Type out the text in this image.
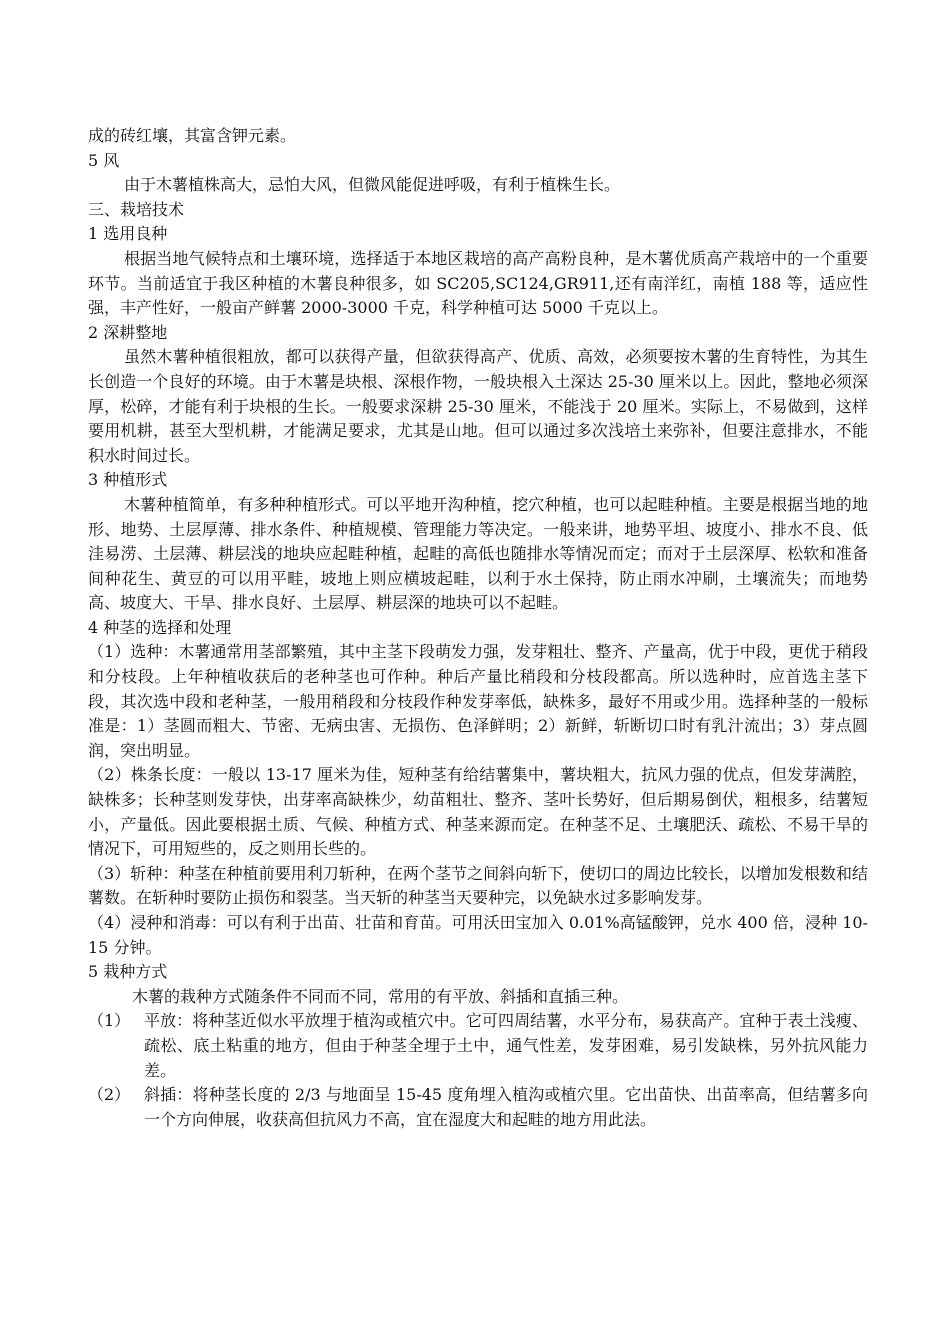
成的砖红壤，其富含钾元素。

5 风

由于木薯植株高大，忌怕大风，但微风能促进呼吸，有利于植株生长。

三、栽培技术

1 选用良种

根据当地气候特点和土壤环境，选择适于本地区栽培的高产高粉良种，是木薯优质高产栽培中的一个重要环节。当前适宜于我区种植的木薯良种很多，如 SC205,SC124,GR911,还有南洋红，南植 188 等，适应性强，丰产性好，一般亩产鲜薯 2000-3000 千克，科学种植可达 5000 千克以上。

2 深耕整地

虽然木薯种植很粗放，都可以获得产量，但欲获得高产、优质、高效，必须要按木薯的生育特性，为其生长创造一个良好的环境。由于木薯是块根、深根作物，一般块根入土深达 25-30 厘米以上。因此，整地必须深厚，松碎，才能有利于块根的生长。一般要求深耕 25-30 厘米，不能浅于 20 厘米。实际上，不易做到，这样要用机耕，甚至大型机耕，才能满足要求，尤其是山地。但可以通过多次浅培土来弥补，但要注意排水，不能积水时间过长。

3 种植形式

木薯种植简单，有多种种植形式。可以平地开沟种植，挖穴种植，也可以起畦种植。主要是根据当地的地形、地势、土层厚薄、排水条件、种植规模、管理能力等决定。一般来讲，地势平坦、坡度小、排水不良、低洼易涝、土层薄、耕层浅的地块应起畦种植，起畦的高低也随排水等情况而定；而对于土层深厚、松软和准备间种花生、黄豆的可以用平畦，坡地上则应横坡起畦，以利于水土保持，防止雨水冲刷，土壤流失；而地势高、坡度大、干旱、排水良好、土层厚、耕层深的地块可以不起畦。

4 种茎的选择和处理

（1）选种：木薯通常用茎部繁殖，其中主茎下段萌发力强，发芽粗壮、整齐、产量高，优于中段，更优于稍段和分枝段。上年种植收获后的老种茎也可作种。种后产量比稍段和分枝段都高。所以选种时，应首选主茎下段，其次选中段和老种茎，一般用稍段和分枝段作种发芽率低，缺株多，最好不用或少用。选择种茎的一般标准是：1）茎圆而粗大、节密、无病虫害、无损伤、色泽鲜明；2）新鲜，斩断切口时有乳汁流出；3）芽点圆润，突出明显。

（2）株条长度：一般以 13-17 厘米为佳，短种茎有给结薯集中，薯块粗大，抗风力强的优点，但发芽满腔，缺株多；长种茎则发芽快，出芽率高缺株少，幼苗粗壮、整齐、茎叶长势好，但后期易倒伏，粗根多，结薯短小，产量低。因此要根据土质、气候、种植方式、种茎来源而定。在种茎不足、土壤肥沃、疏松、不易干旱的情况下，可用短些的，反之则用长些的。

（3）斩种：种茎在种植前要用利刀斩种，在两个茎节之间斜向斩下，使切口的周边比较长，以增加发根数和结薯数。在斩种时要防止损伤和裂茎。当天斩的种茎当天要种完，以免缺水过多影响发芽。

（4）浸种和消毒：可以有利于出苗、壮苗和育苗。可用沃田宝加入 0.01%高锰酸钾，兑水 400 倍，浸种 10-15 分钟。

5 栽种方式

木薯的栽种方式随条件不同而不同，常用的有平放、斜插和直插三种。

（1） 平放：将种茎近似水平放埋于植沟或植穴中。它可四周结薯，水平分布，易获高产。宜种于表土浅瘦、疏松、底土粘重的地方，但由于种茎全埋于土中，通气性差，发芽困难，易引发缺株，另外抗风能力差。
（2） 斜插：将种茎长度的 2/3 与地面呈 15-45 度角埋入植沟或植穴里。它出苗快、出苗率高，但结薯多向一个方向伸展，收获高但抗风力不高，宜在湿度大和起畦的地方用此法。
